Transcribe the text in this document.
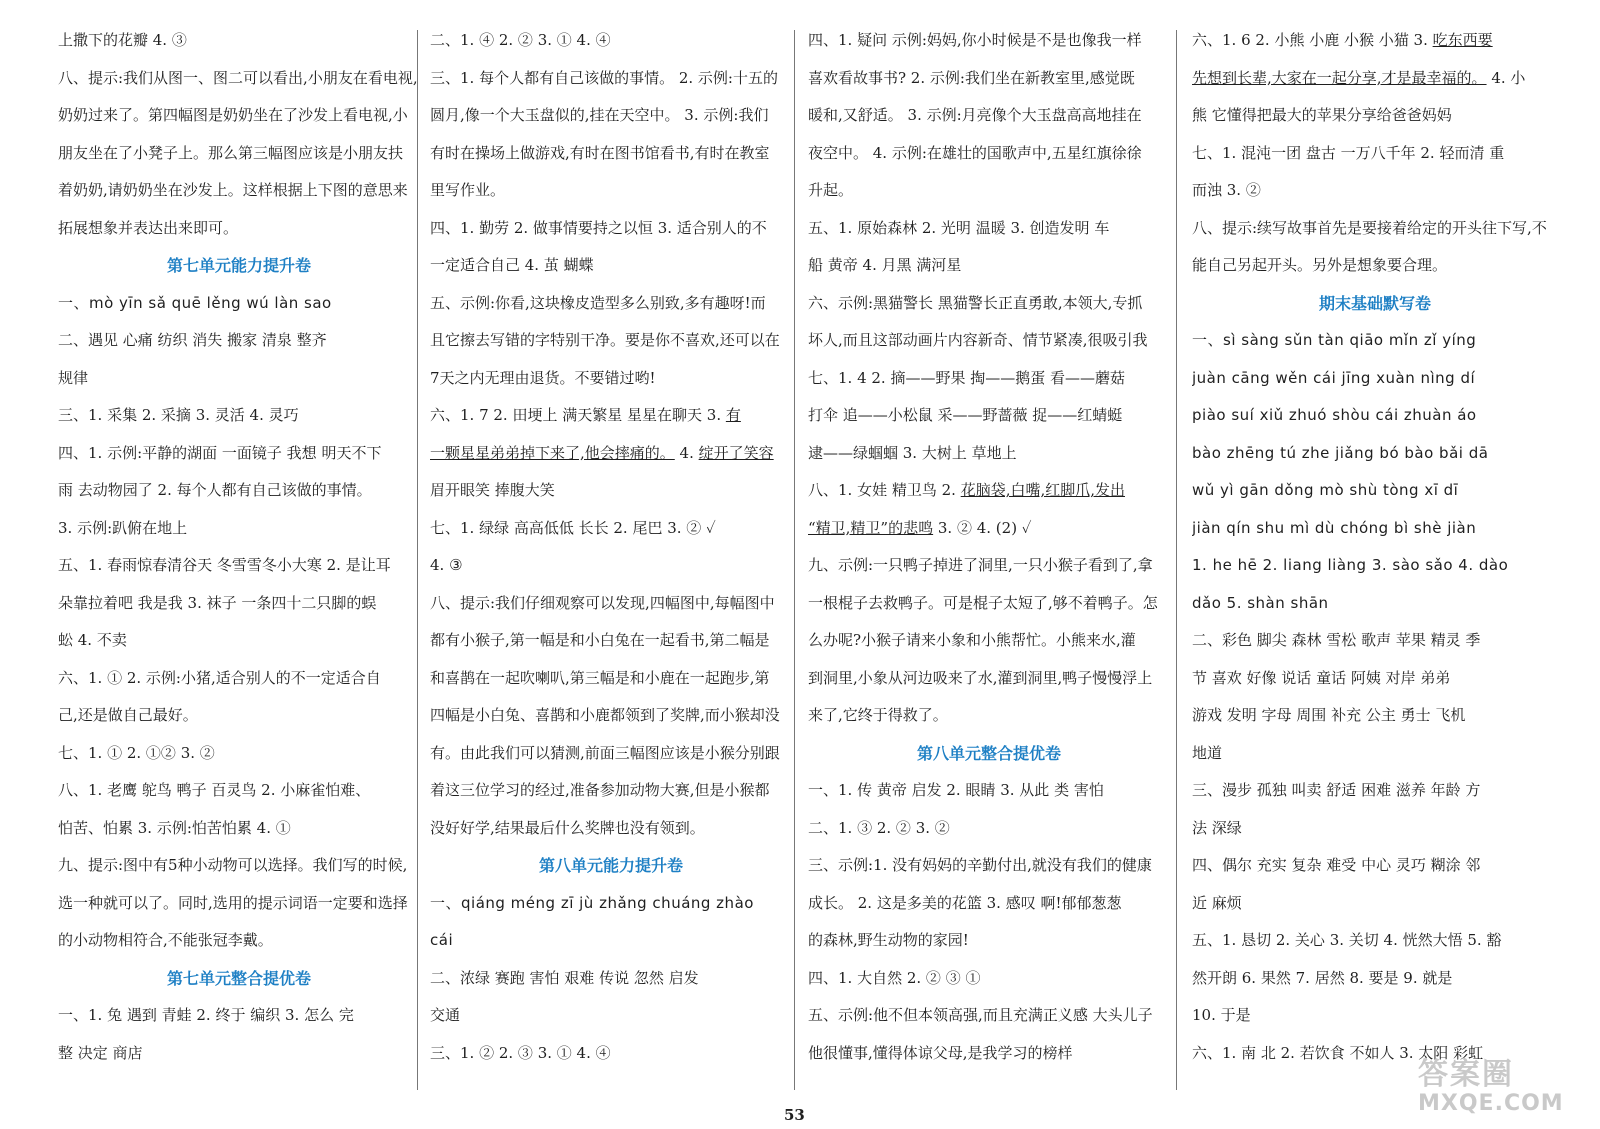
上撒下的花瓣 4. ③
八、提示:我们从图一、图二可以看出,小朋友在看电视,
奶奶过来了。第四幅图是奶奶坐在了沙发上看电视,小
朋友坐在了小凳子上。那么第三幅图应该是小朋友扶
着奶奶,请奶奶坐在沙发上。这样根据上下图的意思来
拓展想象并表达出来即可。
第七单元能力提升卷
一、mò yīn sǎ quē lěng wú làn sao
二、遇见 心痛 纺织 消失 搬家 清泉 整齐
规律
三、1. 采集 2. 采摘 3. 灵活 4. 灵巧
四、1. 示例:平静的湖面 一面镜子 我想 明天不下
雨 去动物园了 2. 每个人都有自己该做的事情。
3. 示例:趴俯在地上
五、1. 春雨惊春清谷天 冬雪雪冬小大寒 2. 是让耳
朵靠拉着吧 我是我 3. 袜子 一条四十二只脚的蜈
蚣 4. 不卖
六、1. ① 2. 示例:小猪,适合别人的不一定适合自
己,还是做自己最好。
七、1. ① 2. ①② 3. ②
八、1. 老鹰 鸵鸟 鸭子 百灵鸟 2. 小麻雀怕难、
怕苦、怕累 3. 示例:怕苦怕累 4. ①
九、提示:图中有5种小动物可以选择。我们写的时候,
选一种就可以了。同时,选用的提示词语一定要和选择
的小动物相符合,不能张冠李戴。
第七单元整合提优卷
一、1. 兔 遇到 青蛙 2. 终于 编织 3. 怎么 完
整 决定 商店
二、1. ④ 2. ② 3. ① 4. ④
三、1. 每个人都有自己该做的事情。 2. 示例:十五的
圆月,像一个大玉盘似的,挂在天空中。 3. 示例:我们
有时在操场上做游戏,有时在图书馆看书,有时在教室
里写作业。
四、1. 勤劳 2. 做事情要持之以恒 3. 适合别人的不
一定适合自己 4. 茧 蝴蝶
五、示例:你看,这块橡皮造型多么别致,多有趣呀!而
且它擦去写错的字特别干净。要是你不喜欢,还可以在
7天之内无理由退货。不要错过哟!
六、1. 7 2. 田埂上 满天繁星 星星在聊天 3. 有
一颗星星弟弟掉下来了,他会摔痛的。 4. 绽开了笑容
眉开眼笑 捧腹大笑
七、1. 绿绿 高高低低 长长 2. 尾巴 3. ② ✓
4. ③
八、提示:我们仔细观察可以发现,四幅图中,每幅图中
都有小猴子,第一幅是和小白兔在一起看书,第二幅是
和喜鹊在一起吹喇叭,第三幅是和小鹿在一起跑步,第
四幅是小白兔、喜鹊和小鹿都领到了奖牌,而小猴却没
有。由此我们可以猜测,前面三幅图应该是小猴分别跟
着这三位学习的经过,准备参加动物大赛,但是小猴都
没好好学,结果最后什么奖牌也没有领到。
第八单元能力提升卷
一、qiáng méng zī jù zhǎng chuáng zhào
cái
二、浓绿 赛跑 害怕 艰难 传说 忽然 启发
交通
三、1. ② 2. ③ 3. ① 4. ④
四、1. 疑问 示例:妈妈,你小时候是不是也像我一样
喜欢看故事书? 2. 示例:我们坐在新教室里,感觉既
暖和,又舒适。 3. 示例:月亮像个大玉盘高高地挂在
夜空中。 4. 示例:在雄壮的国歌声中,五星红旗徐徐
升起。
五、1. 原始森林 2. 光明 温暖 3. 创造发明 车
船 黄帝 4. 月黑 满河星
六、示例:黑猫警长 黑猫警长正直勇敢,本领大,专抓
坏人,而且这部动画片内容新奇、情节紧凑,很吸引我
七、1. 4 2. 摘——野果 掏——鹅蛋 看——蘑菇
打伞 追——小松鼠 采——野蔷薇 捉——红蜻蜓
逮——绿蝈蝈 3. 大树上 草地上
八、1. 女娃 精卫鸟 2. 花脑袋,白嘴,红脚爪,发出
“精卫,精卫”的悲鸣 3. ② 4. (2) ✓
九、示例:一只鸭子掉进了洞里,一只小猴子看到了,拿
一根棍子去救鸭子。可是棍子太短了,够不着鸭子。怎
么办呢?小猴子请来小象和小熊帮忙。小熊来水,灌
到洞里,小象从河边吸来了水,灌到洞里,鸭子慢慢浮上
来了,它终于得救了。
第八单元整合提优卷
一、1. 传 黄帝 启发 2. 眼睛 3. 从此 类 害怕
二、1. ③ 2. ② 3. ②
三、示例:1. 没有妈妈的辛勤付出,就没有我们的健康
成长。 2. 这是多美的花篮 3. 感叹 啊!郁郁葱葱
的森林,野生动物的家园!
四、1. 大自然 2. ② ③ ①
五、示例:他不但本领高强,而且充满正义感 大头儿子
他很懂事,懂得体谅父母,是我学习的榜样
六、1. 6 2. 小熊 小鹿 小猴 小猫 3. 吃东西要
先想到长辈,大家在一起分享,才是最幸福的。 4. 小
熊 它懂得把最大的苹果分享给爸爸妈妈
七、1. 混沌一团 盘古 一万八千年 2. 轻而清 重
而浊 3. ②
八、提示:续写故事首先是要接着给定的开头往下写,不
能自己另起开头。另外是想象要合理。
期末基础默写卷
一、sì sàng sǔn tàn qiāo mǐn zǐ yíng
juàn cāng wěn cái jīng xuàn nìng dí
piào suí xiǔ zhuó shòu cái zhuàn áo
bào zhēng tú zhe jiǎng bó bào bǎi dā
wǔ yì gān dǒng mò shù tòng xī dī
jiàn qín shu mì dù chóng bì shè jiàn
1. he hē 2. liang liàng 3. sào sǎo 4. dào
dǎo 5. shàn shān
二、彩色 脚尖 森林 雪松 歌声 苹果 精灵 季
节 喜欢 好像 说话 童话 阿姨 对岸 弟弟
游戏 发明 字母 周围 补充 公主 勇士 飞机
地道
三、漫步 孤独 叫卖 舒适 困难 滋养 年龄 方
法 深绿
四、偶尔 充实 复杂 难受 中心 灵巧 糊涂 邻
近 麻烦
五、1. 恳切 2. 关心 3. 关切 4. 恍然大悟 5. 豁
然开朗 6. 果然 7. 居然 8. 要是 9. 就是
10. 于是
六、1. 南 北 2. 若饮食 不如人 3. 太阳 彩虹
53
答案圈
MXQE.COM
